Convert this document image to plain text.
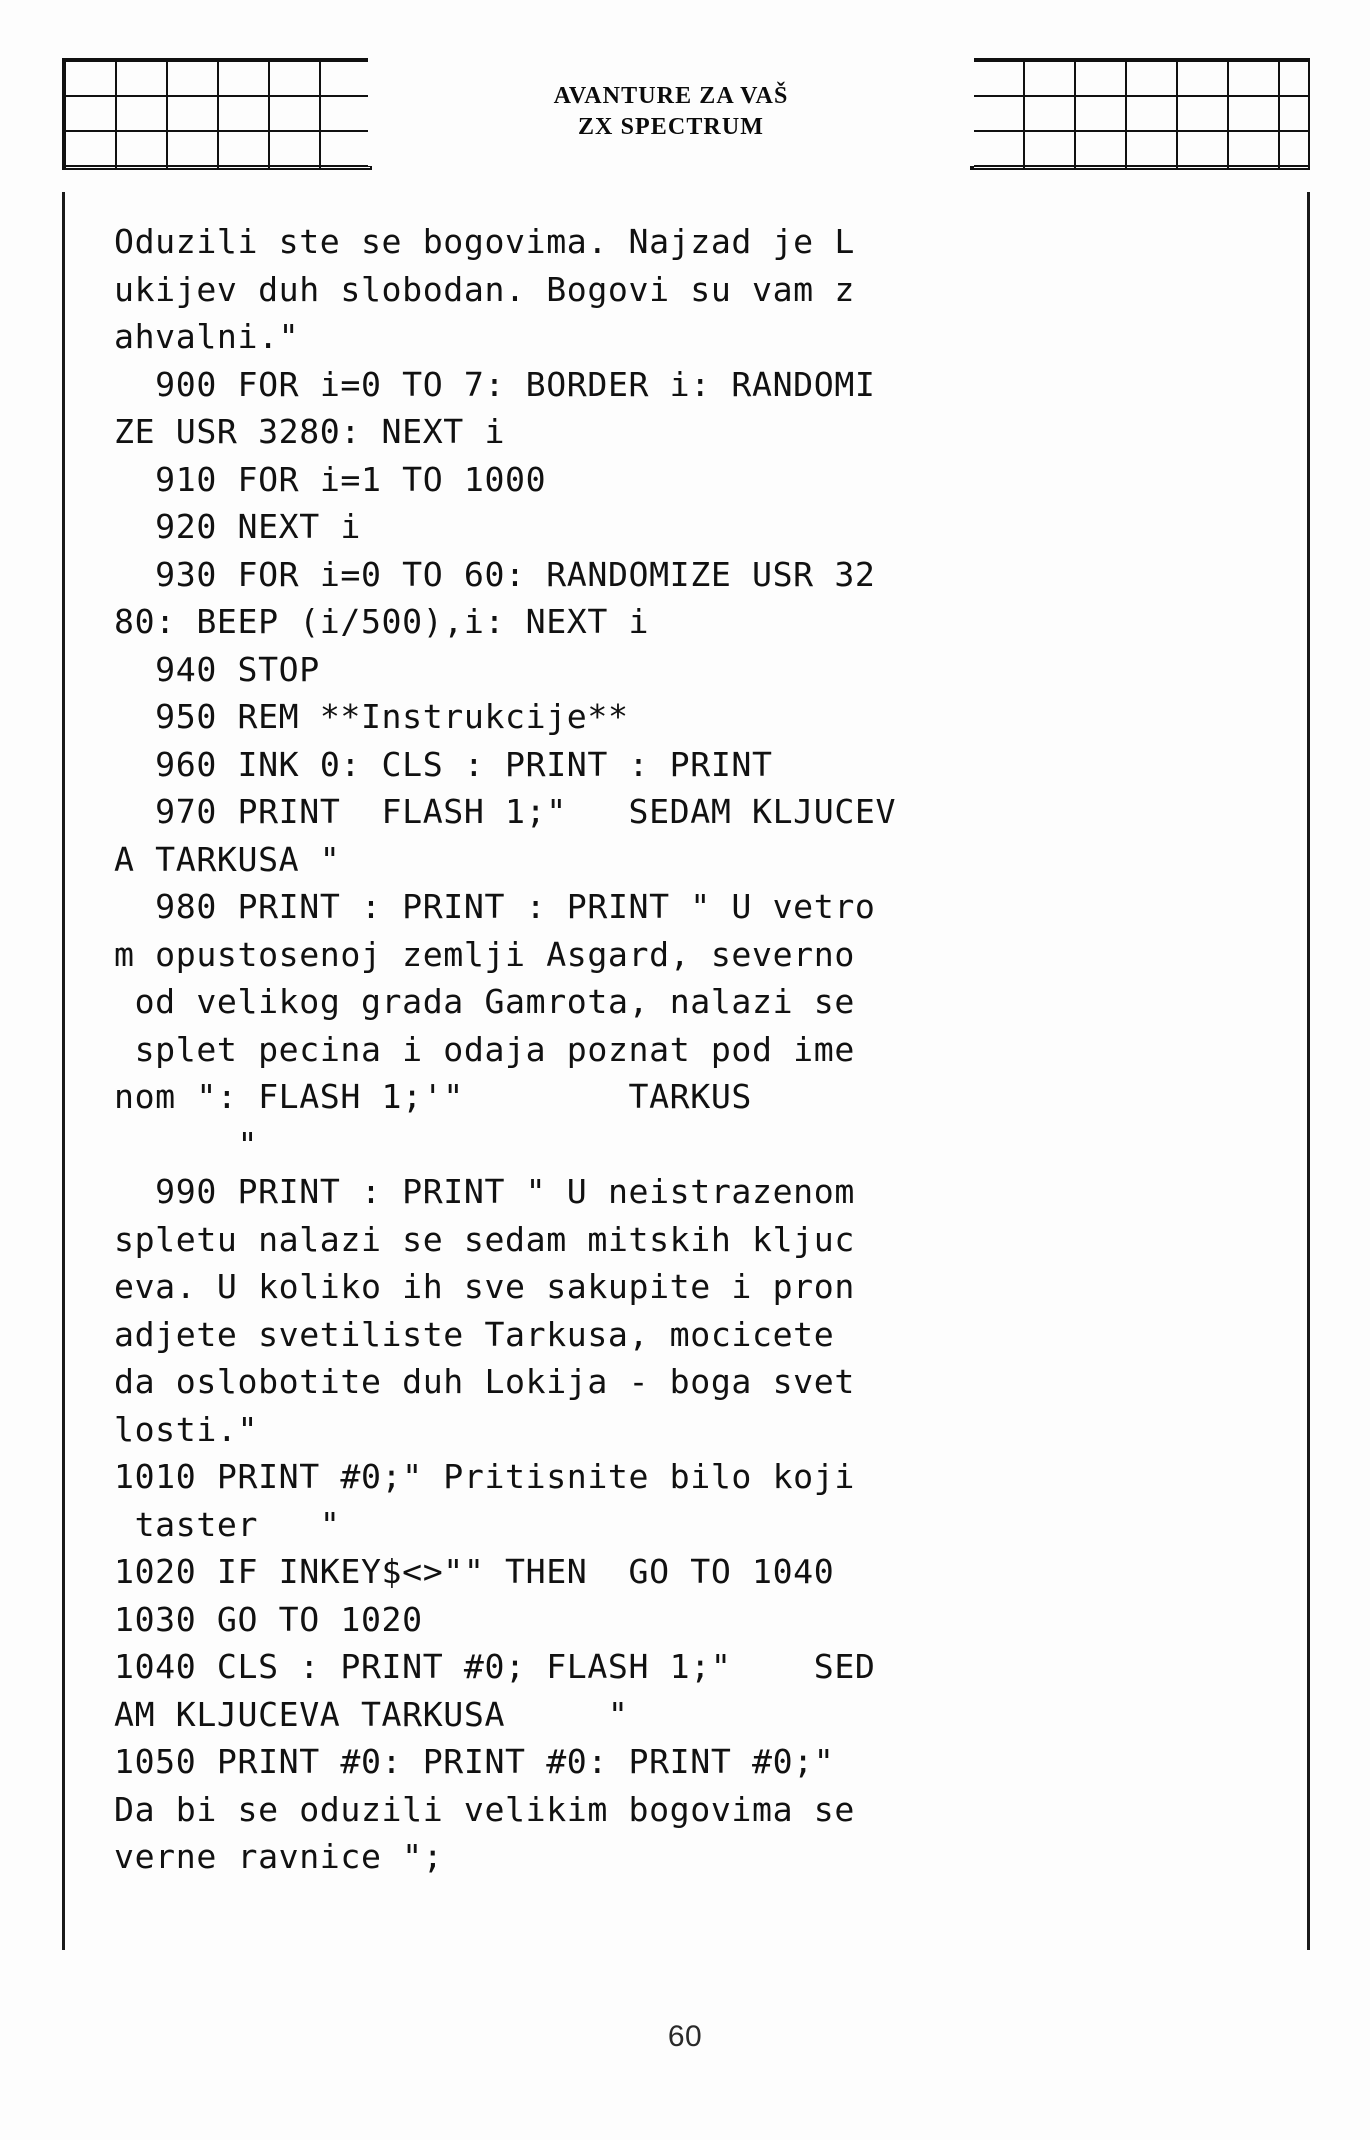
AVANTURE ZA VAŠ
ZX SPECTRUM
Oduzili ste se bogovima. Najzad je L
ukijev duh slobodan. Bogovi su vam z
ahvalni."
900 FOR i=0 TO 7: BORDER i: RANDOMI
ZE USR 3280: NEXT i
910 FOR i=1 TO 1000
920 NEXT i
930 FOR i=0 TO 60: RANDOMIZE USR 32
80: BEEP (i/500),i: NEXT i
940 STOP
950 REM **Instrukcije**
960 INK 0: CLS : PRINT : PRINT
970 PRINT  FLASH 1;"   SEDAM KLJUCEV
A TARKUSA "
980 PRINT : PRINT : PRINT " U vetro
m opustosenoj zemlji Asgard, severno
od velikog grada Gamrota, nalazi se
splet pecina i odaja poznat pod ime
nom ": FLASH 1;'"        TARKUS
"
990 PRINT : PRINT " U neistrazenom
spletu nalazi se sedam mitskih kljuc
eva. U koliko ih sve sakupite i pron
adjete svetiliste Tarkusa, mocicete
da oslobotite duh Lokija - boga svet
losti."
1010 PRINT #0;" Pritisnite bilo koji
taster   "
1020 IF INKEY$<>"" THEN  GO TO 1040
1030 GO TO 1020
1040 CLS : PRINT #0; FLASH 1;"    SED
AM KLJUCEVA TARKUSA     "
1050 PRINT #0: PRINT #0: PRINT #0;"
Da bi se oduzili velikim bogovima se
verne ravnice ";
60
